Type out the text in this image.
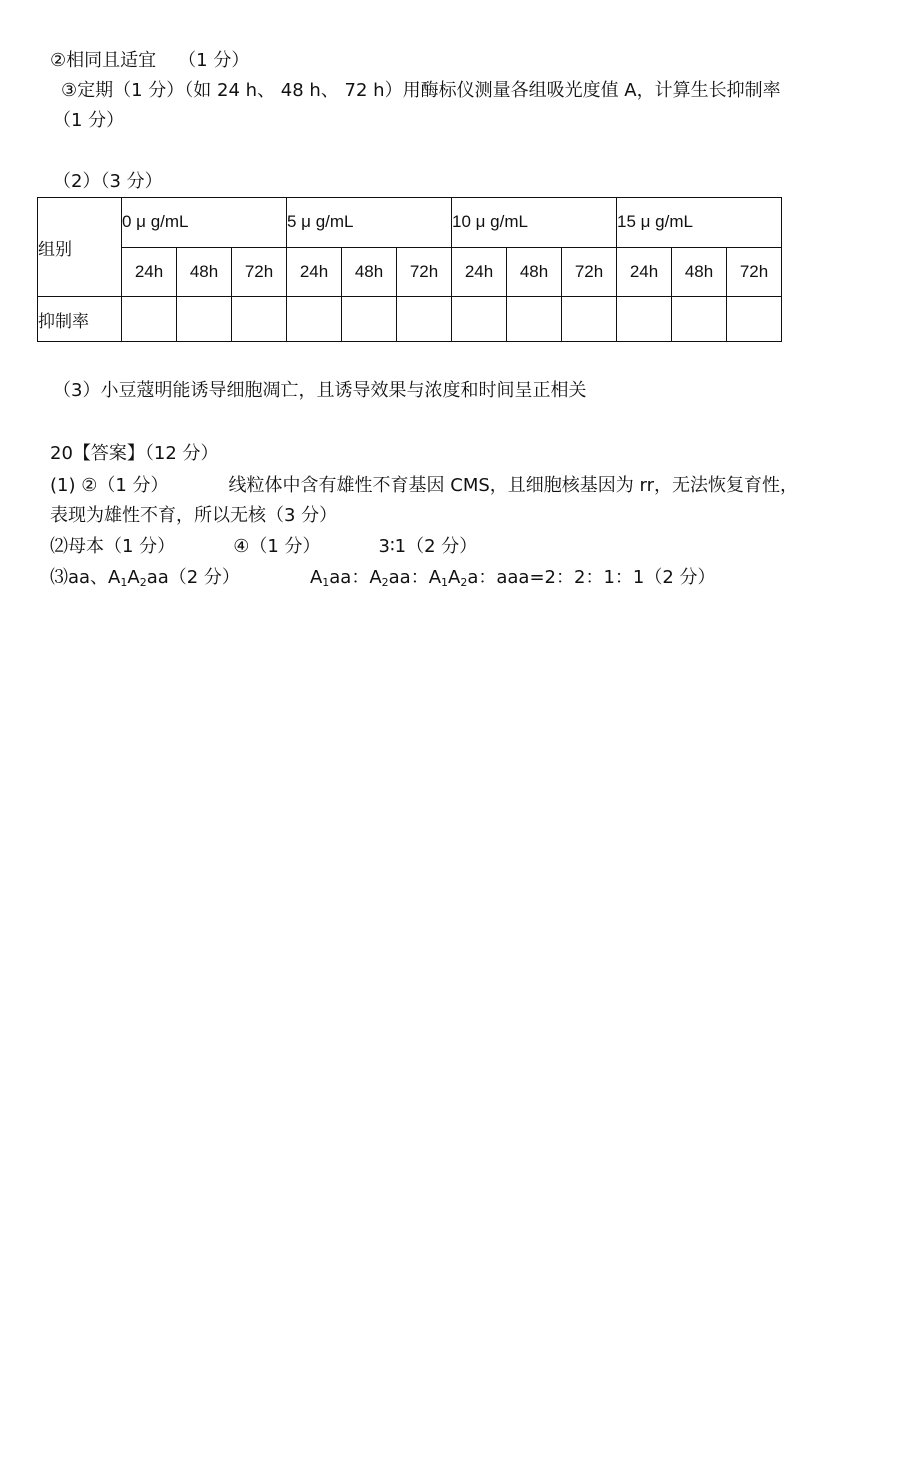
②相同且适宜 （1 分）
③定期（1 分）（如 24 h、 48 h、 72 h）用酶标仪测量各组吸光度值 A，计算生长抑制率
（1 分）
（2）（3 分）
组别	0 μ g/mL			5 μ g/mL			10 μ g/mL			15 μ g/mL		
	24h	48h	72h	24h	48h	72h	24h	48h	72h	24h	48h	72h
抑制率												
（3）小豆蔻明能诱导细胞凋亡，且诱导效果与浓度和时间呈正相关
20【答案】（12 分）
(1) ②（1 分）	线粒体中含有雄性不育基因 CMS，且细胞核基因为 rr，无法恢复育性，
表现为雄性不育，所以无核（3 分）
⑵母本（1 分）	④（1 分）	3∶1（2 分）
⑶aa、$A_1A_2aa(2$ 分）	$A_1aa$：$A_2aa$：$A_1A_2a$：aaa=2：2：1：1（2 分）
